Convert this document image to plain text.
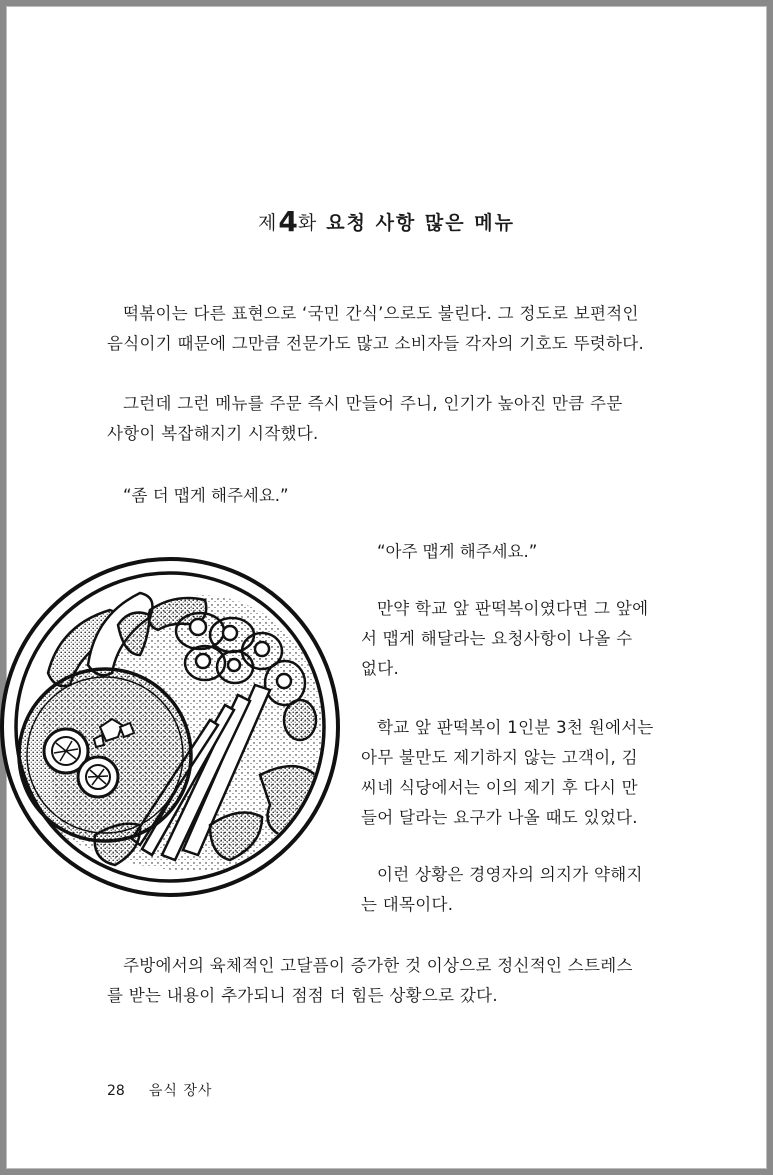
제4화 요청 사항 많은 메뉴

떡볶이는 다른 표현으로 ‘국민 간식’으로도 불린다. 그 정도로 보편적인
음식이기 때문에 그만큼 전문가도 많고 소비자들 각자의 기호도 뚜렷하다.

그런데 그런 메뉴를 주문 즉시 만들어 주니, 인기가 높아진 만큼 주문
사항이 복잡해지기 시작했다.

“좀 더 맵게 해주세요.”
“아주 맵게 해주세요.”

만약 학교 앞 판떡복이였다면 그 앞에
서 맵게 해달라는 요청사항이 나올 수
없다.

학교 앞 판떡복이 1인분 3천 원에서는
아무 불만도 제기하지 않는 고객이, 김
씨네 식당에서는 이의 제기 후 다시 만
들어 달라는 요구가 나올 때도 있었다.

이런 상황은 경영자의 의지가 약해지
는 대목이다.

주방에서의 육체적인 고달픔이 증가한 것 이상으로 정신적인 스트레스
를 받는 내용이 추가되니 점점 더 힘든 상황으로 갔다.

28 음식 장사
